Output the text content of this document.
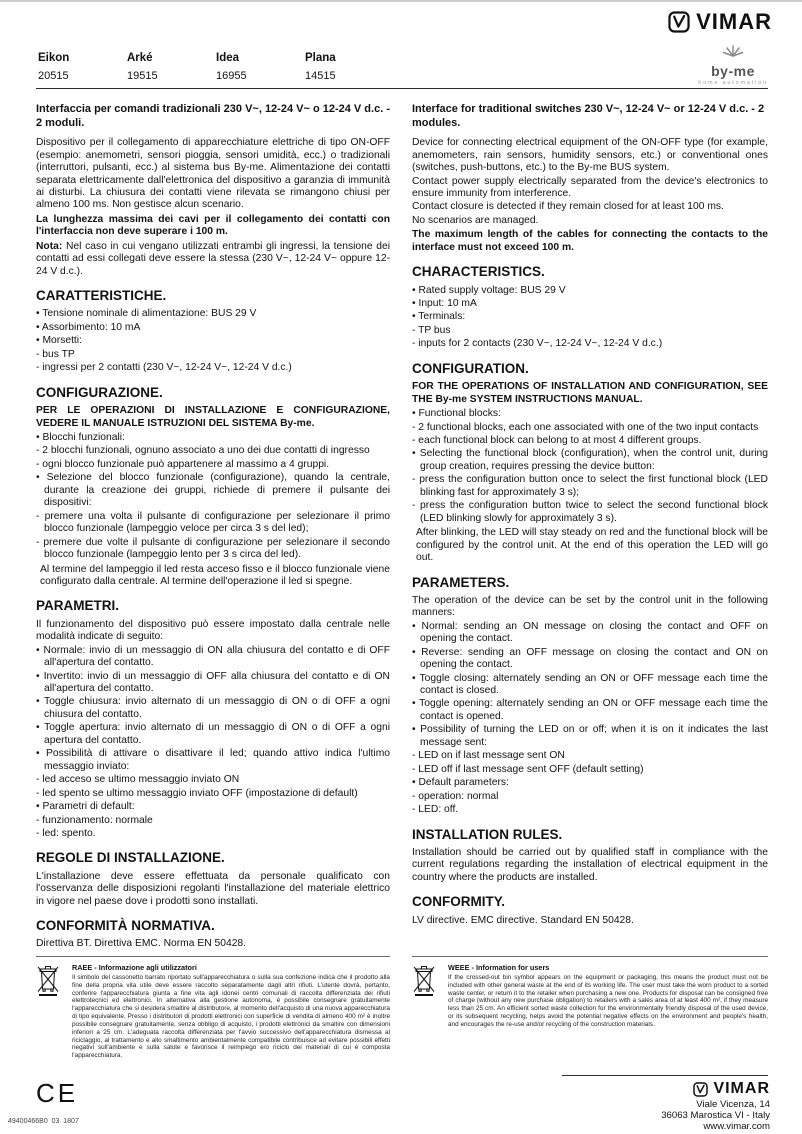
VIMAR
by-me
home automation
Eikon
20515
Arké
19515
Idea
16955
Plana
14515
Interfaccia per comandi tradizionali 230 V~, 12-24 V~ o 12-24 V d.c. - 2 moduli.
Dispositivo per il collegamento di apparecchiature elettriche di tipo ON-OFF (esempio: anemometri, sensori pioggia, sensori umidità, ecc.) o tradizionali (interruttori, pulsanti, ecc.) al sistema bus By-me. Alimentazione dei contatti separata elettricamente dall'elettronica del dispositivo a garanzia di immunità ai disturbi. La chiusura dei contatti viene rilevata se rimangono chiusi per almeno 100 ms. Non gestisce alcun scenario.
La lunghezza massima dei cavi per il collegamento dei contatti con l'interfaccia non deve superare i 100 m.
Nota: Nel caso in cui vengano utilizzati entrambi gli ingressi, la tensione dei contatti ad essi collegati deve essere la stessa (230 V~, 12-24 V~ oppure 12-24 V d.c.).
CARATTERISTICHE.
• Tensione nominale di alimentazione: BUS 29 V
• Assorbimento: 10 mA
• Morsetti:
- bus TP
- ingressi per 2 contatti (230 V~, 12-24 V~, 12-24 V d.c.)
CONFIGURAZIONE.
PER LE OPERAZIONI DI INSTALLAZIONE E CONFIGURAZIONE, VEDERE IL MANUALE ISTRUZIONI DEL SISTEMA By-me.
• Blocchi funzionali:
- 2 blocchi funzionali, ognuno associato a uno dei due contatti di ingresso
- ogni blocco funzionale può appartenere al massimo a 4 gruppi.
• Selezione del blocco funzionale (configurazione), quando la centrale, durante la creazione dei gruppi, richiede di premere il pulsante dei dispositivi:
- premere una volta il pulsante di configurazione per selezionare il primo blocco funzionale (lampeggio veloce per circa 3 s del led);
- premere due volte il pulsante di configurazione per selezionare il secondo blocco funzionale (lampeggio lento per 3 s circa del led).
Al termine del lampeggio il led resta acceso fisso e il blocco funzionale viene configurato dalla centrale. Al termine dell'operazione il led si spegne.
PARAMETRI.
Il funzionamento del dispositivo può essere impostato dalla centrale nelle modalità indicate di seguito:
• Normale: invio di un messaggio di ON alla chiusura del contatto e di OFF all'apertura del contatto.
• Invertito: invio di un messaggio di OFF alla chiusura del contatto e di ON all'apertura del contatto.
• Toggle chiusura: invio alternato di un messaggio di ON o di OFF a ogni chiusura del contatto.
• Toggle apertura: invio alternato di un messaggio di ON o di OFF a ogni apertura del contatto.
• Possibilità di attivare o disattivare il led; quando attivo indica l'ultimo messaggio inviato:
- led acceso se ultimo messaggio inviato ON
- led spento se ultimo messaggio inviato OFF (impostazione di default)
• Parametri di default:
- funzionamento: normale
- led: spento.
REGOLE DI INSTALLAZIONE.
L'installazione deve essere effettuata da personale qualificato con l'osservanza delle disposizioni regolanti l'installazione del materiale elettrico in vigore nel paese dove i prodotti sono installati.
CONFORMITÀ NORMATIVA.
Direttiva BT. Direttiva EMC. Norma EN 50428.
Interface for traditional switches 230 V~, 12-24 V~ or 12-24 V d.c. - 2 modules.
Device for connecting electrical equipment of the ON-OFF type (for example, anemometers, rain sensors, humidity sensors, etc.) or conventional ones (switches, push-buttons, etc.) to the By-me BUS system.
Contact power supply electrically separated from the device's electronics to ensure immunity from interference.
Contact closure is detected if they remain closed for at least 100 ms.
No scenarios are managed.
The maximum length of the cables for connecting the contacts to the interface must not exceed 100 m.
CHARACTERISTICS.
• Rated supply voltage: BUS 29 V
• Input: 10 mA
• Terminals:
- TP bus
- inputs for 2 contacts (230 V~, 12-24 V~, 12-24 V d.c.)
CONFIGURATION.
FOR THE OPERATIONS OF INSTALLATION AND CONFIGURATION, SEE THE By-me SYSTEM INSTRUCTIONS MANUAL.
• Functional blocks:
- 2 functional blocks, each one associated with one of the two input contacts
- each functional block can belong to at most 4 different groups.
• Selecting the functional block (configuration), when the control unit, during group creation, requires pressing the device button:
- press the configuration button once to select the first functional block (LED blinking fast for approximately 3 s);
- press the configuration button twice to select the second functional block (LED blinking slowly for approximately 3 s).
After blinking, the LED will stay steady on red and the functional block will be configured by the control unit. At the end of this operation the LED will go out.
PARAMETERS.
The operation of the device can be set by the control unit in the following manners:
• Normal: sending an ON message on closing the contact and OFF on opening the contact.
• Reverse: sending an OFF message on closing the contact and ON on opening the contact.
• Toggle closing: alternately sending an ON or OFF message each time the contact is closed.
• Toggle opening: alternately sending an ON or OFF message each time the contact is opened.
• Possibility of turning the LED on or off; when it is on it indicates the last message sent:
- LED on if last message sent ON
- LED off if last message sent OFF (default setting)
• Default parameters:
- operation: normal
- LED: off.
INSTALLATION RULES.
Installation should be carried out by qualified staff in compliance with the current regulations regarding the installation of electrical equipment in the country where the products are installed.
CONFORMITY.
LV directive. EMC directive. Standard EN 50428.
RAEE - Informazione agli utilizzatori
Il simbolo del cassonetto barrato riportato sull'apparecchiatura o sulla sua confezione indica che il prodotto alla fine della propria vita utile deve essere raccolto separatamente dagli altri rifiuti. L'utente dovrà, pertanto, conferire l'apparecchiatura giunta a fine vita agli idonei centri comunali di raccolta differenziata dei rifiuti elettrotecnici ed elettronici. In alternativa alla gestione autonoma, è possibile consegnare gratuitamente l'apparecchiatura che si desidera smaltire al distributore, al momento dell'acquisto di una nuova apparecchiatura di tipo equivalente. Presso i distributori di prodotti elettronici con superficie di vendita di almeno 400 m² è inoltre possibile consegnare gratuitamente, senza obbligo di acquisto, i prodotti elettronici da smaltire con dimensioni inferiori a 25 cm. L'adeguata raccolta differenziata per l'avvio successivo dell'apparecchiatura dismessa al riciclaggio, al trattamento e allo smaltimento ambientalmente compatibile contribuisce ad evitare possibili effetti negativi sull'ambiente e sulla salute e favorisce il reimpiego e/o riciclo dei materiali di cui è composta l'apparecchiatura.
WEEE - Information for users
If the crossed-out bin symbol appears on the equipment or packaging, this means the product must not be included with other general waste at the end of its working life. The user must take the worn product to a sorted waste center, or return it to the retailer when purchasing a new one. Products for disposal can be consigned free of charge (without any new purchase obligation) to retailers with a sales area of at least 400 m², if they measure less than 25 cm. An efficient sorted waste collection for the environmentally friendly disposal of the used device, or its subsequent recycling, helps avoid the potential negative effects on the environment and people's health, and encourages the re-use and/or recycling of the construction materials.
VIMAR
Viale Vicenza, 14
36063 Marostica VI - Italy
www.vimar.com
CE
49400466B0  03  1807
